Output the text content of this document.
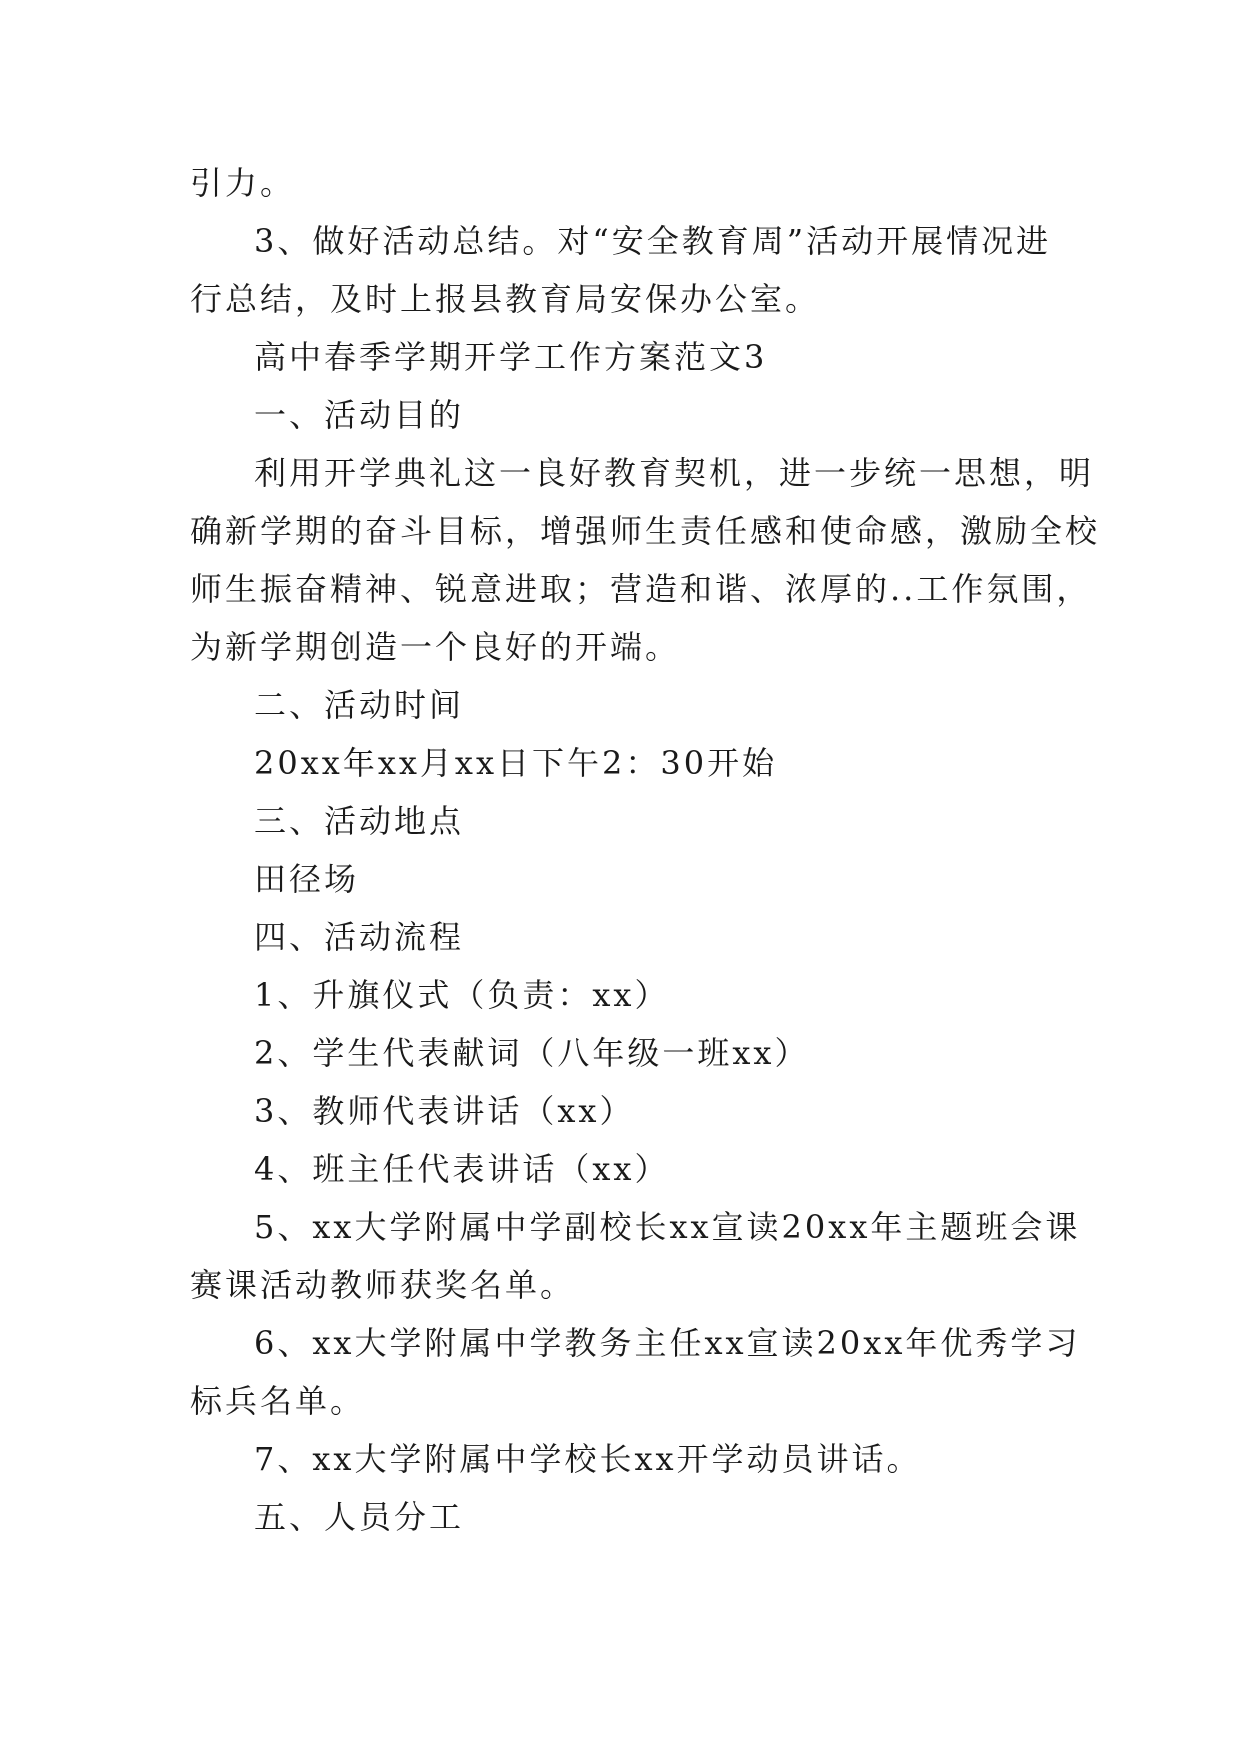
引力。
3、做好活动总结。对“安全教育周”活动开展情况进
行总结，及时上报县教育局安保办公室。
高中春季学期开学工作方案范文3
一、活动目的
利用开学典礼这一良好教育契机，进一步统一思想，明
确新学期的奋斗目标，增强师生责任感和使命感，激励全校
师生振奋精神、锐意进取；营造和谐、浓厚的..工作氛围，
为新学期创造一个良好的开端。
二、活动时间
20xx年xx月xx日下午2：30开始
三、活动地点
田径场
四、活动流程
1、升旗仪式（负责：xx）
2、学生代表献词（八年级一班xx）
3、教师代表讲话（xx）
4、班主任代表讲话（xx）
5、xx大学附属中学副校长xx宣读20xx年主题班会课
赛课活动教师获奖名单。
6、xx大学附属中学教务主任xx宣读20xx年优秀学习
标兵名单。
7、xx大学附属中学校长xx开学动员讲话。
五、人员分工
